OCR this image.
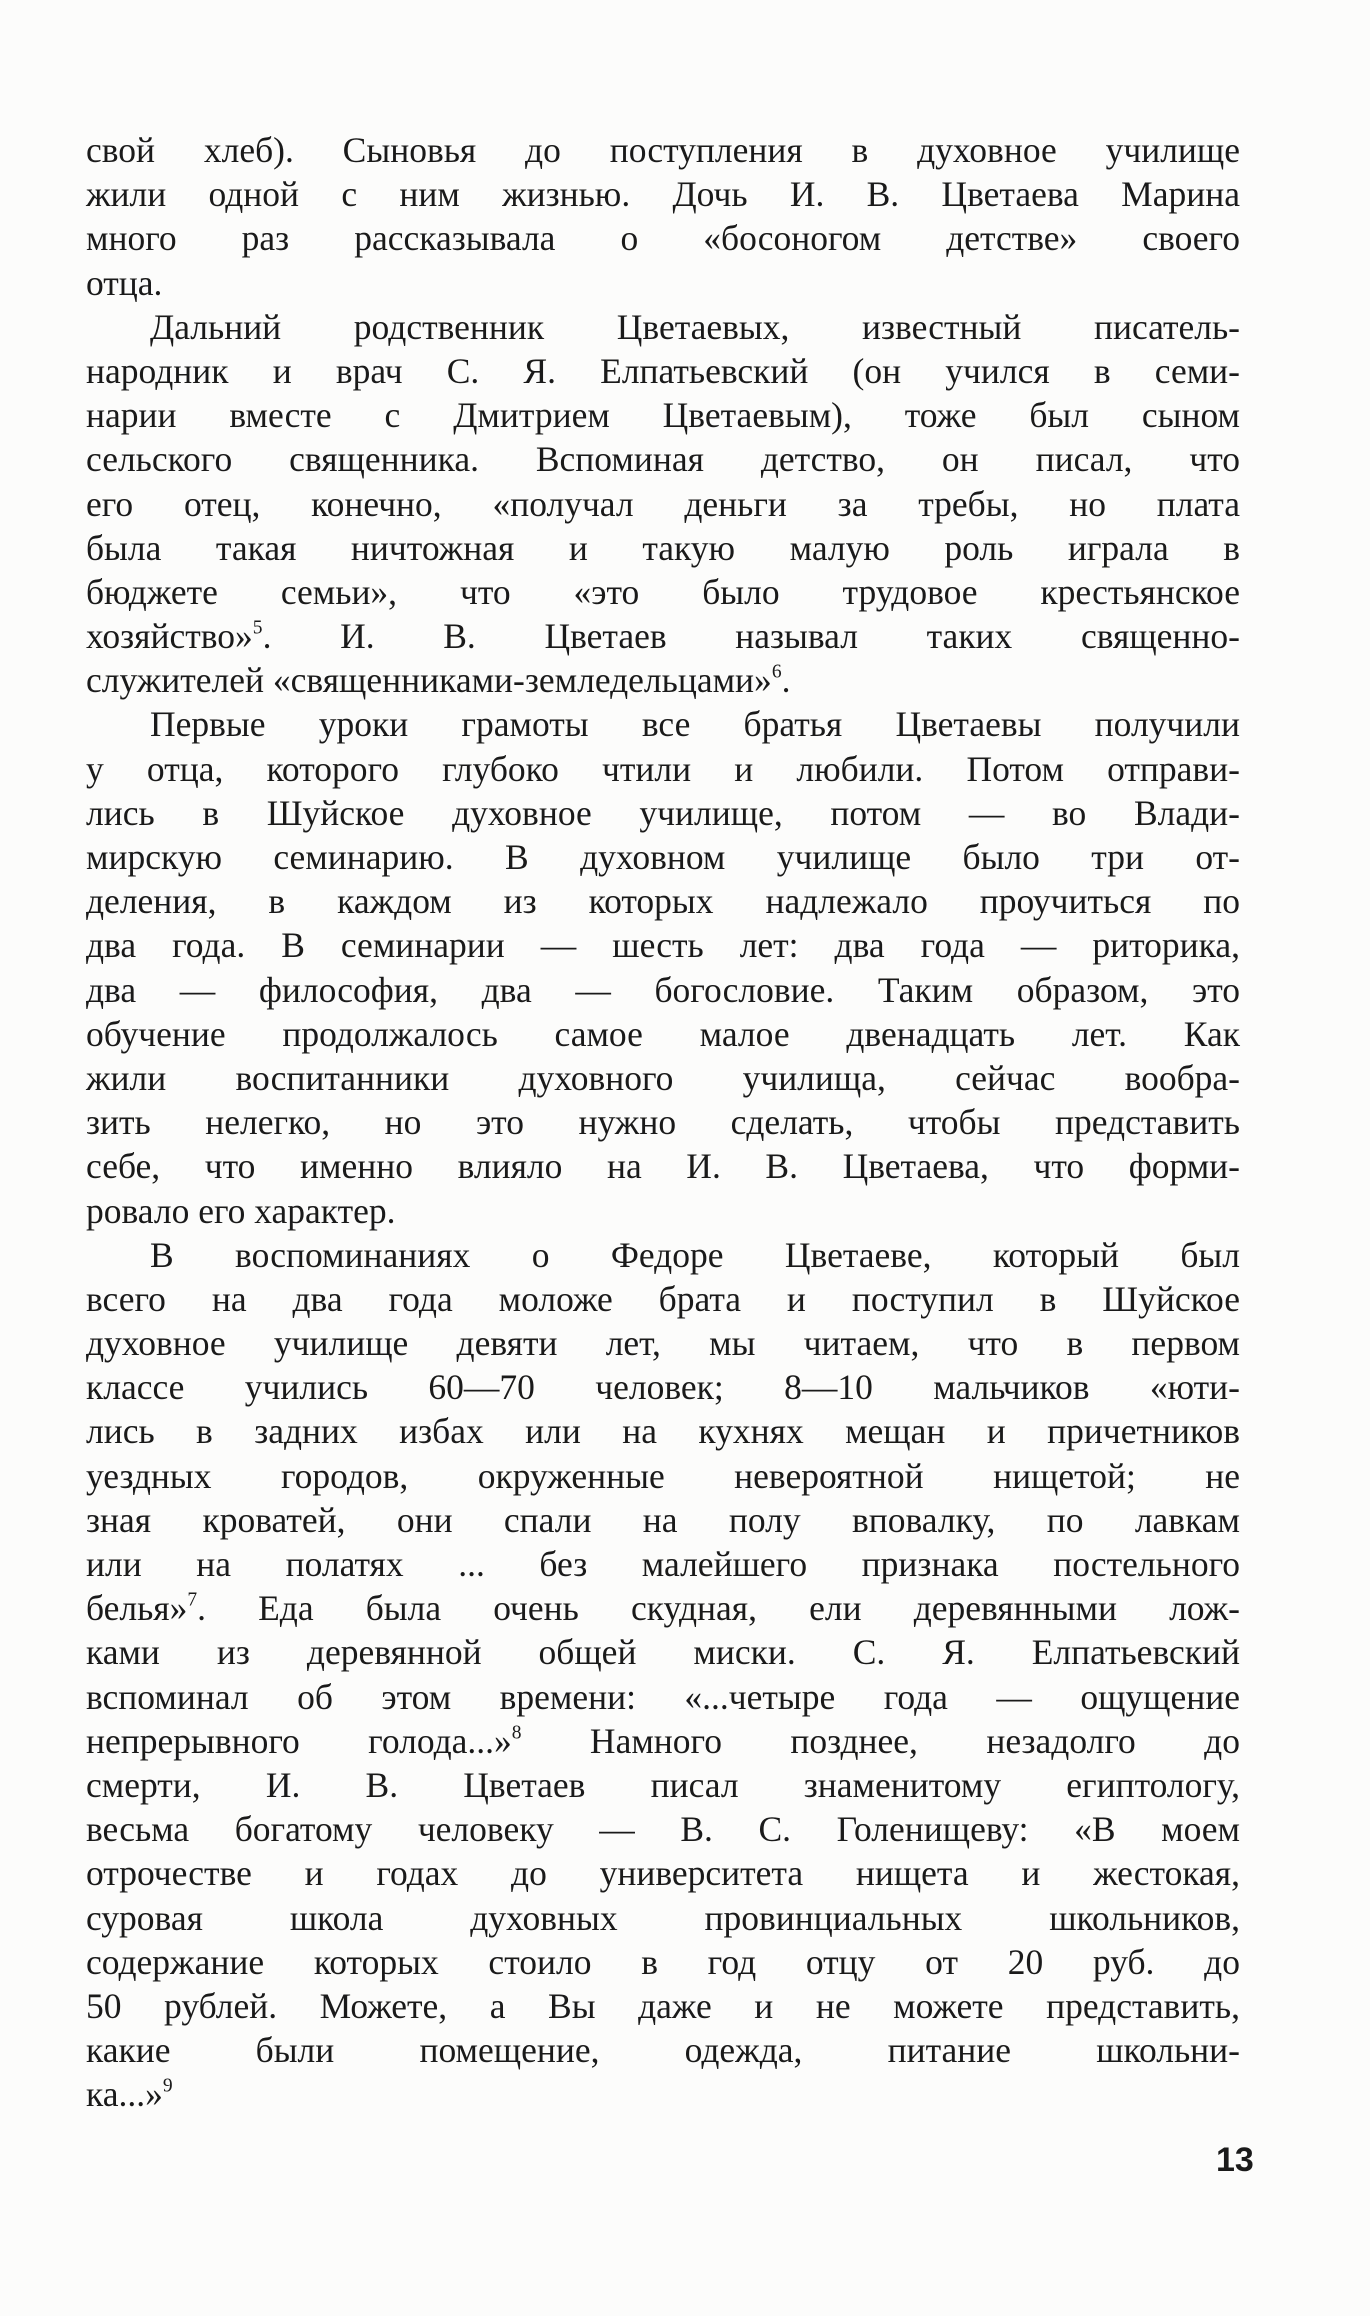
свой хлеб). Сыновья до поступления в духовное училище
жили одной с ним жизнью. Дочь И. В. Цветаева Марина
много раз рассказывала о «босоногом детстве» своего
отца.
Дальний родственник Цветаевых, известный писатель-
народник и врач С. Я. Елпатьевский (он учился в семи-
нарии вместе с Дмитрием Цветаевым), тоже был сыном
сельского священника. Вспоминая детство, он писал, что
его отец, конечно, «получал деньги за требы, но плата
была такая ничтожная и такую малую роль играла в
бюджете семьи», что «это было трудовое крестьянское
хозяйство»$^5$. И. В. Цветаев называл таких священно-
служителей «священниками-земледельцами»$^6$.
Первые уроки грамоты все братья Цветаевы получили
у отца, которого глубоко чтили и любили. Потом отправи-
лись в Шуйское духовное училище, потом — во Влади-
мирскую семинарию. В духовном училище было три от-
деления, в каждом из которых надлежало проучиться по
два года. В семинарии — шесть лет: два года — риторика,
два — философия, два — богословие. Таким образом, это
обучение продолжалось самое малое двенадцать лет. Как
жили воспитанники духовного училища, сейчас вообра-
зить нелегко, но это нужно сделать, чтобы представить
себе, что именно влияло на И. В. Цветаева, что форми-
ровало его характер.
В воспоминаниях о Федоре Цветаеве, который был
всего на два года моложе брата и поступил в Шуйское
духовное училище девяти лет, мы читаем, что в первом
классе учились 60—70 человек; 8—10 мальчиков «юти-
лись в задних избах или на кухнях мещан и причетников
уездных городов, окруженные невероятной нищетой; не
зная кроватей, они спали на полу вповалку, по лавкам
или на полатях ... без малейшего признака постельного
белья»$^7$. Еда была очень скудная, ели деревянными лож-
ками из деревянной общей миски. С. Я. Елпатьевский
вспоминал об этом времени: «...четыре года — ощущение
непрерывного голода...»$^8$ Намного позднее, незадолго до
смерти, И. В. Цветаев писал знаменитому египтологу,
весьма богатому человеку — В. С. Голенищеву: «В моем
отрочестве и годах до университета нищета и жестокая,
суровая школа духовных провинциальных школьников,
содержание которых стоило в год отцу от 20 руб. до
50 рублей. Можете, а Вы даже и не можете представить,
какие были помещение, одежда, питание школьни-
ка...»$^9$
13
